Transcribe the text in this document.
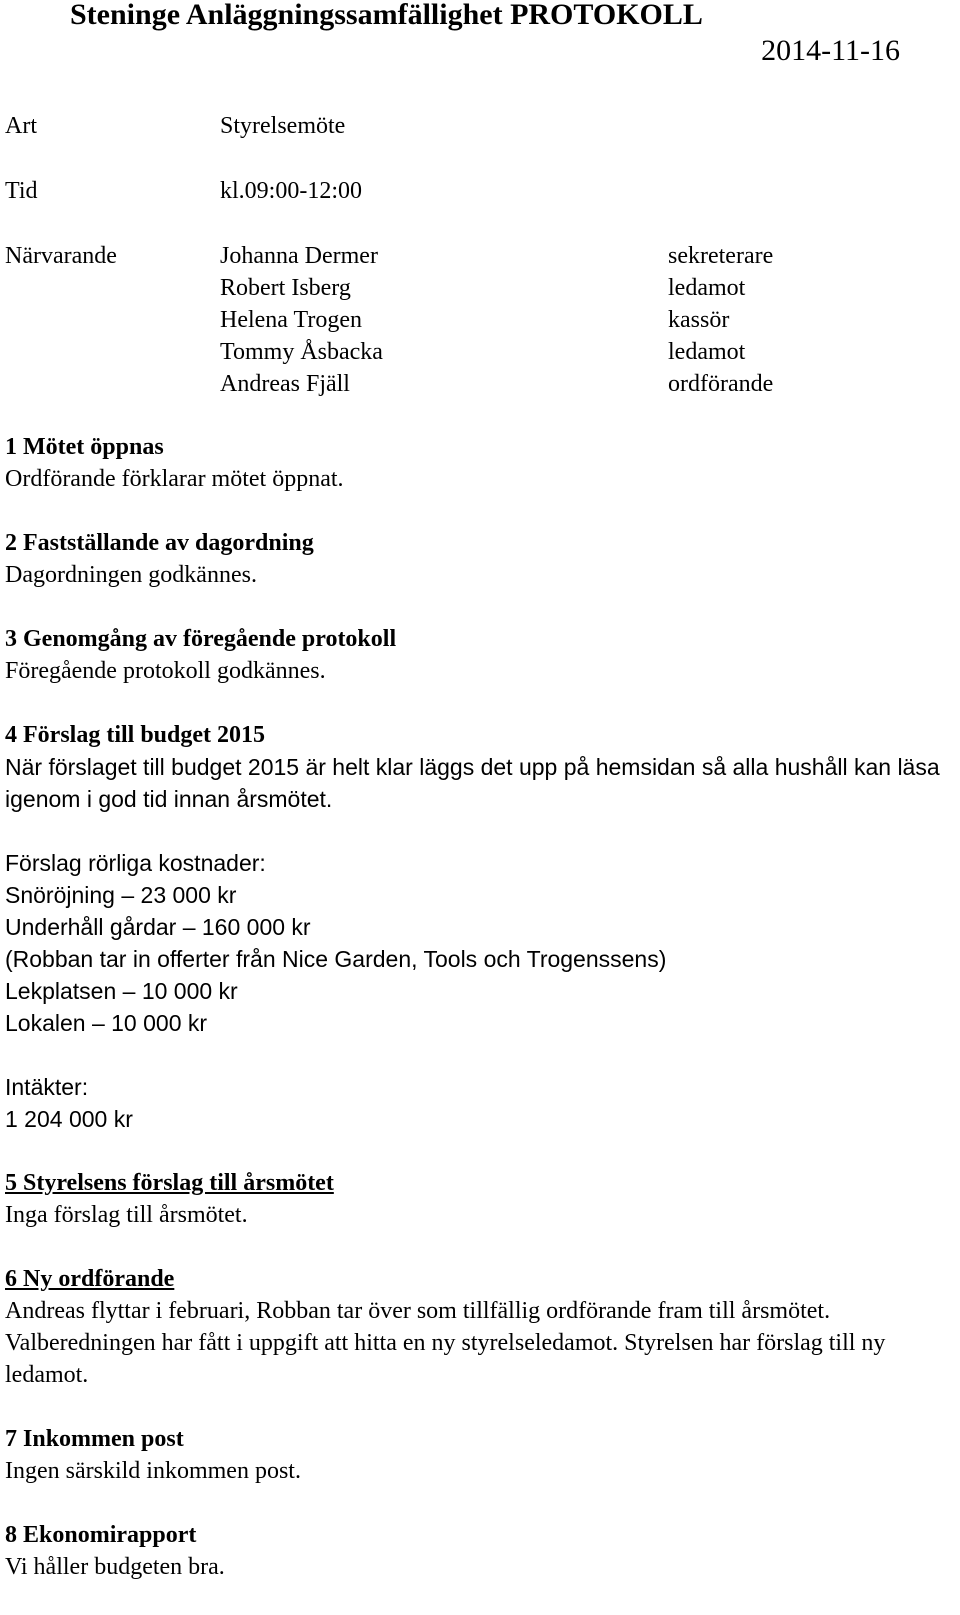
Steninge Anläggningssamfällighet PROTOKOLL
2014-11-16
Art	Styrelsemöte
Tid	kl.09:00-12:00
Närvarande	Johanna Dermer	sekreterare
Robert Isberg	ledamot
Helena Trogen	kassör
Tommy Åsbacka	ledamot
Andreas Fjäll	ordförande
1 Mötet öppnas
Ordförande förklarar mötet öppnat.
2 Fastställande av dagordning
Dagordningen godkännes.
3 Genomgång av föregående protokoll
Föregående protokoll godkännes.
4 Förslag till budget 2015
När förslaget till budget 2015 är helt klar läggs det upp på hemsidan så alla hushåll kan läsa igenom i god tid innan årsmötet.
Förslag rörliga kostnader:
Snöröjning – 23 000 kr
Underhåll gårdar – 160 000 kr
(Robban tar in offerter från Nice Garden, Tools och Trogenssens)
Lekplatsen – 10 000 kr
Lokalen – 10 000 kr
Intäkter:
1 204 000 kr
5 Styrelsens förslag till årsmötet
Inga förslag till årsmötet.
6 Ny ordförande
Andreas flyttar i februari, Robban tar över som tillfällig ordförande fram till årsmötet.
Valberedningen har fått i uppgift att hitta en ny styrelseledamot. Styrelsen har förslag till ny ledamot.
7 Inkommen post
Ingen särskild inkommen post.
8 Ekonomirapport
Vi håller budgeten bra.
